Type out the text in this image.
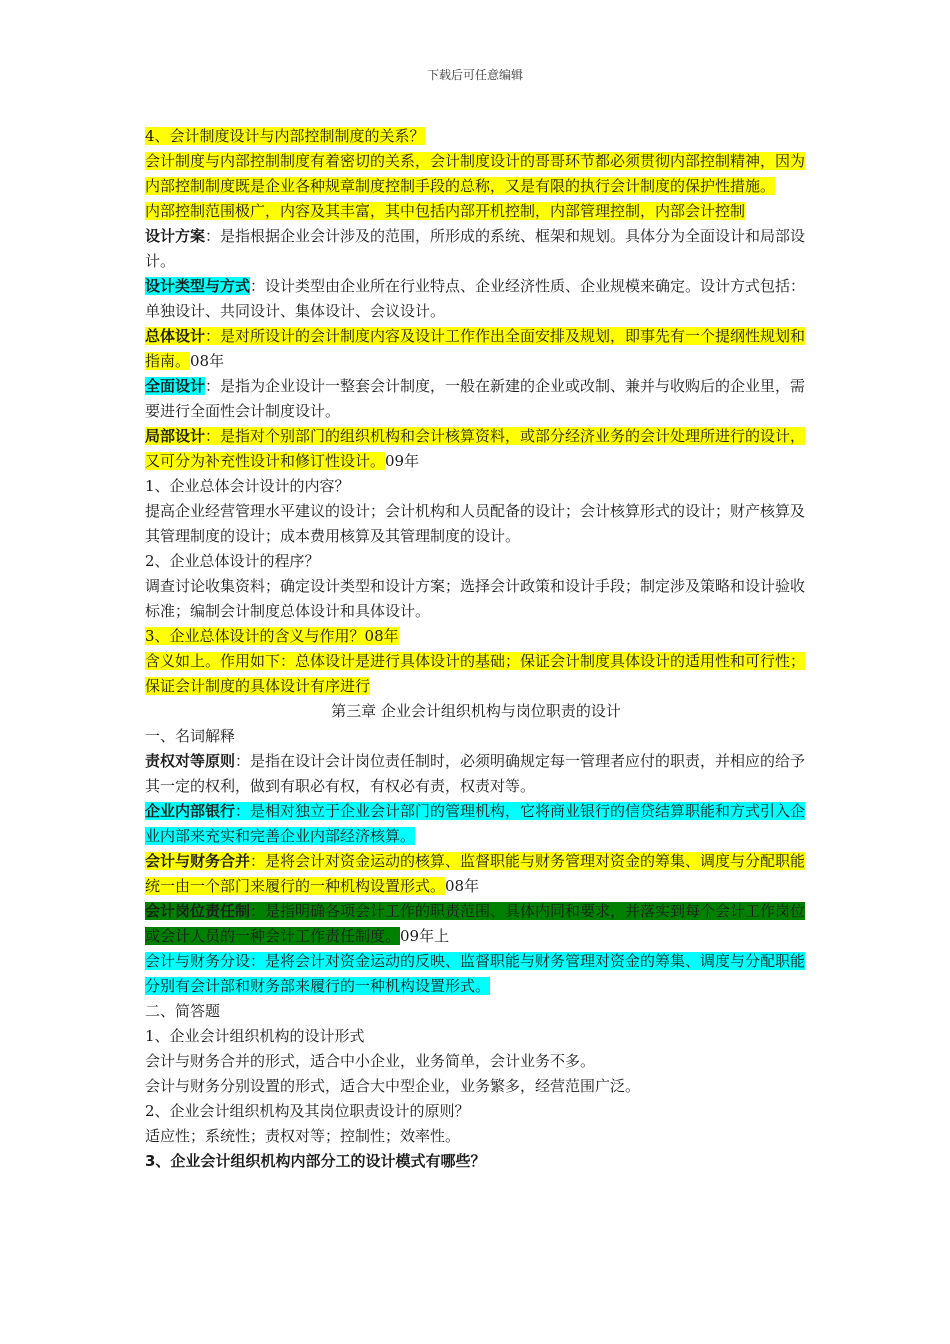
下载后可任意编辑

4、会计制度设计与内部控制制度的关系？

会计制度与内部控制制度有着密切的关系，会计制度设计的哥哥环节都必须贯彻内部控制精神，因为内部控制制度既是企业各种规章制度控制手段的总称，又是有限的执行会计制度的保护性措施。

内部控制范围极广，内容及其丰富，其中包括内部开机控制，内部管理控制，内部会计控制

设计方案：是指根据企业会计涉及的范围，所形成的系统、框架和规划。具体分为全面设计和局部设计。

设计类型与方式：设计类型由企业所在行业特点、企业经济性质、企业规模来确定。设计方式包括：单独设计、共同设计、集体设计、会议设计。

总体设计：是对所设计的会计制度内容及设计工作作出全面安排及规划，即事先有一个提纲性规划和指南。08年

全面设计：是指为企业设计一整套会计制度，一般在新建的企业或改制、兼并与收购后的企业里，需要进行全面性会计制度设计。

局部设计：是指对个别部门的组织机构和会计核算资料，或部分经济业务的会计处理所进行的设计，又可分为补充性设计和修订性设计。09年

1、企业总体会计设计的内容？

提高企业经营管理水平建议的设计；会计机构和人员配备的设计；会计核算形式的设计；财产核算及其管理制度的设计；成本费用核算及其管理制度的设计。

2、企业总体设计的程序？

调查讨论收集资料；确定设计类型和设计方案；选择会计政策和设计手段；制定涉及策略和设计验收标准；编制会计制度总体设计和具体设计。

3、企业总体设计的含义与作用？08年

含义如上。作用如下：总体设计是进行具体设计的基础；保证会计制度具体设计的适用性和可行性；保证会计制度的具体设计有序进行

第三章 企业会计组织机构与岗位职责的设计

一、名词解释

责权对等原则：是指在设计会计岗位责任制时，必须明确规定每一管理者应付的职责，并相应的给予其一定的权利，做到有职必有权，有权必有责，权责对等。

企业内部银行：是相对独立于企业会计部门的管理机构，它将商业银行的信贷结算职能和方式引入企业内部来充实和完善企业内部经济核算。

会计与财务合并：是将会计对资金运动的核算、监督职能与财务管理对资金的筹集、调度与分配职能统一由一个部门来履行的一种机构设置形式。08年

会计岗位责任制：是指明确各项会计工作的职责范围、具体内同和要求，并落实到每个会计工作岗位或会计人员的一种会计工作责任制度。09年上

会计与财务分设：是将会计对资金运动的反映、监督职能与财务管理对资金的筹集、调度与分配职能分别有会计部和财务部来履行的一种机构设置形式。

二、简答题

1、企业会计组织机构的设计形式

会计与财务合并的形式，适合中小企业，业务简单，会计业务不多。

会计与财务分别设置的形式，适合大中型企业，业务繁多，经营范围广泛。

2、企业会计组织机构及其岗位职责设计的原则？

适应性；系统性；责权对等；控制性；效率性。

3、企业会计组织机构内部分工的设计模式有哪些？
